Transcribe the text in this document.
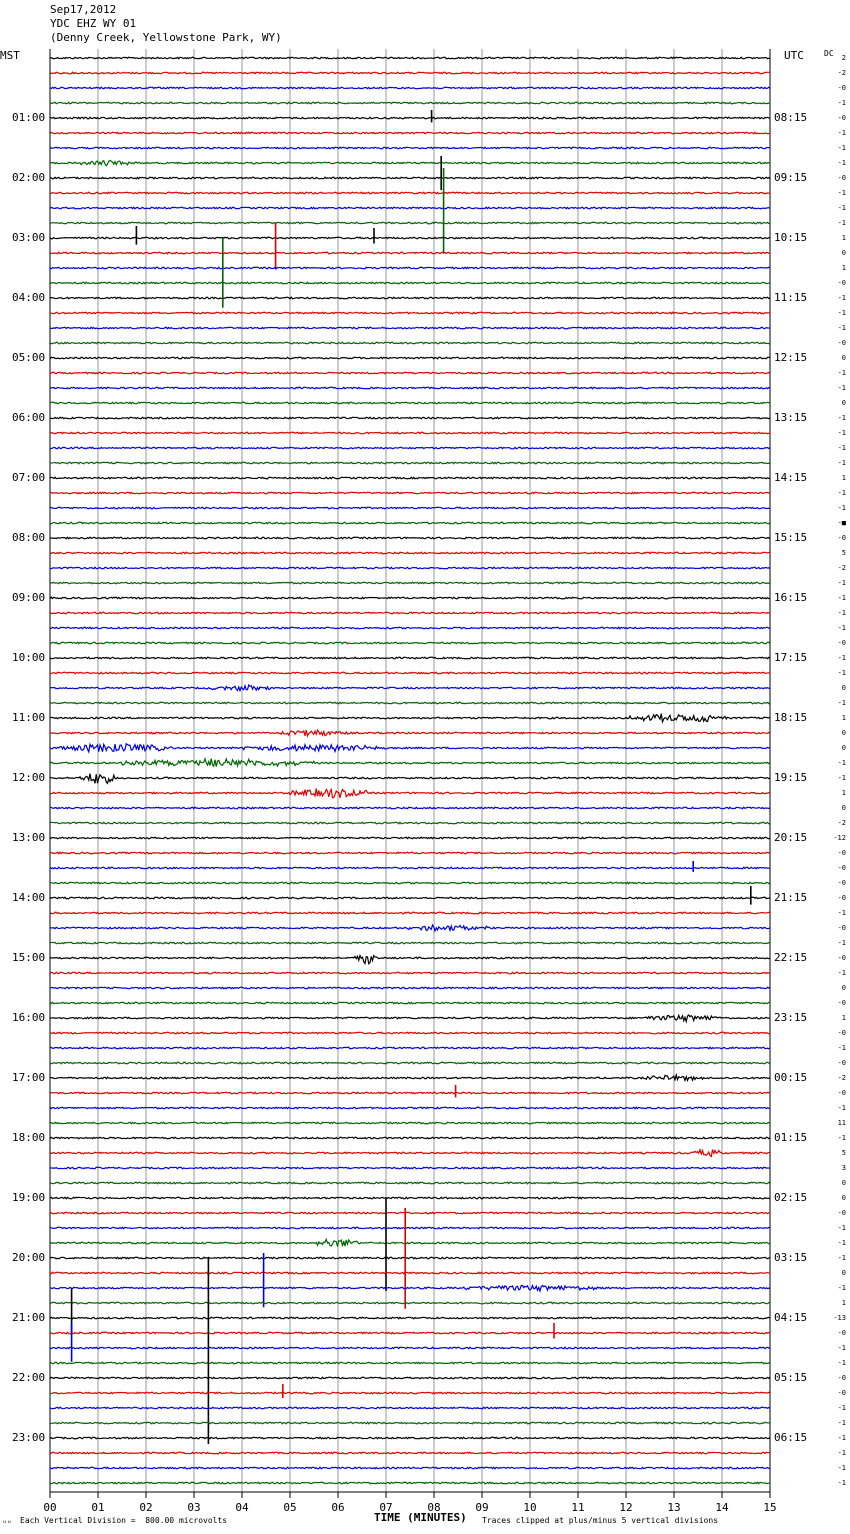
Sep17,2012
YDC EHZ WY 01
(Denny Creek, Yellowstone Park, WY)
MST	UTC	DC
00	01	02	03	04	05	06	07	08	09	10	11	12	13	14	15
2
-2
-0
-1
-0
-1
-1
-1
-0
-1
-1
-1
1
0
1
-0
-1
-1
-1
-0
0
-1
-1
0
-1
-1
-1
-1
1
-1
-1
-■
-0
5
-2
-1
-1
-1
-1
-0
-1
-1
0
-1
1
0
0
-1
-1
1
0
-2
-12
-0
-0
-0
-0
-1
-0
-1
-0
-1
0
-0
1
-0
-1
-0
-2
-0
-1
11
-1
5
3
0
0
-0
-1
-1
-1
0
-1
1
-13
-0
-1
-1
-0
-0
-1
-1
-1
-1
-1
-1
TIME (MINUTES)
ᵤᵤ Each Vertical Division =  800.00 microvolts	Traces clipped at plus/minus 5 vertical divisions
01:00	08:15
02:00	09:15
03:00	10:15
04:00	11:15
05:00	12:15
06:00	13:15
07:00	14:15
08:00	15:15
09:00	16:15
10:00	17:15
11:00	18:15
12:00	19:15
13:00	20:15
14:00	21:15
15:00	22:15
16:00	23:15
17:00	00:15
18:00	01:15
19:00	02:15
20:00	03:15
21:00	04:15
22:00	05:15
23:00	06:15
